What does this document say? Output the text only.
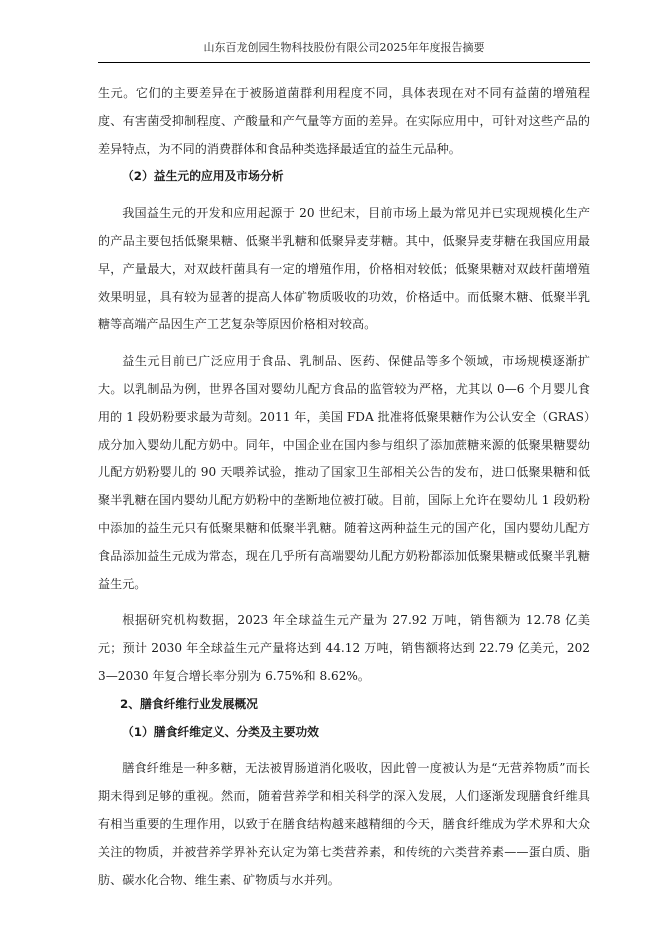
山东百龙创园生物科技股份有限公司2025年年度报告摘要

生元。它们的主要差异在于被肠道菌群利用程度不同，具体表现在对不同有益菌的增殖程度、有害菌受抑制程度、产酸量和产气量等方面的差异。在实际应用中，可针对这些产品的差异特点，为不同的消费群体和食品种类选择最适宜的益生元品种。

（2）益生元的应用及市场分析

我国益生元的开发和应用起源于 20 世纪末，目前市场上最为常见并已实现规模化生产的产品主要包括低聚果糖、低聚半乳糖和低聚异麦芽糖。其中，低聚异麦芽糖在我国应用最早，产量最大，对双歧杆菌具有一定的增殖作用，价格相对较低；低聚果糖对双歧杆菌增殖效果明显，具有较为显著的提高人体矿物质吸收的功效，价格适中。而低聚木糖、低聚半乳糖等高端产品因生产工艺复杂等原因价格相对较高。

益生元目前已广泛应用于食品、乳制品、医药、保健品等多个领域，市场规模逐渐扩大。以乳制品为例，世界各国对婴幼儿配方食品的监管较为严格，尤其以 0—6 个月婴儿食用的 1 段奶粉要求最为苛刻。2011 年，美国 FDA 批准将低聚果糖作为公认安全（GRAS）成分加入婴幼儿配方奶中。同年，中国企业在国内参与组织了添加蔗糖来源的低聚果糖婴幼儿配方奶粉婴儿的 90 天喂养试验，推动了国家卫生部相关公告的发布，进口低聚果糖和低聚半乳糖在国内婴幼儿配方奶粉中的垄断地位被打破。目前，国际上允许在婴幼儿 1 段奶粉中添加的益生元只有低聚果糖和低聚半乳糖。随着这两种益生元的国产化，国内婴幼儿配方食品添加益生元成为常态，现在几乎所有高端婴幼儿配方奶粉都添加低聚果糖或低聚半乳糖益生元。

根据研究机构数据，2023 年全球益生元产量为 27.92 万吨，销售额为 12.78 亿美元；预计 2030 年全球益生元产量将达到 44.12 万吨，销售额将达到 22.79 亿美元，2023—2030 年复合增长率分别为 6.75%和 8.62%。

2、膳食纤维行业发展概况

（1）膳食纤维定义、分类及主要功效

膳食纤维是一种多糖，无法被胃肠道消化吸收，因此曾一度被认为是“无营养物质”而长期未得到足够的重视。然而，随着营养学和相关科学的深入发展，人们逐渐发现膳食纤维具有相当重要的生理作用，以致于在膳食结构越来越精细的今天，膳食纤维成为学术界和大众关注的物质，并被营养学界补充认定为第七类营养素，和传统的六类营养素——蛋白质、脂肪、碳水化合物、维生素、矿物质与水并列。
